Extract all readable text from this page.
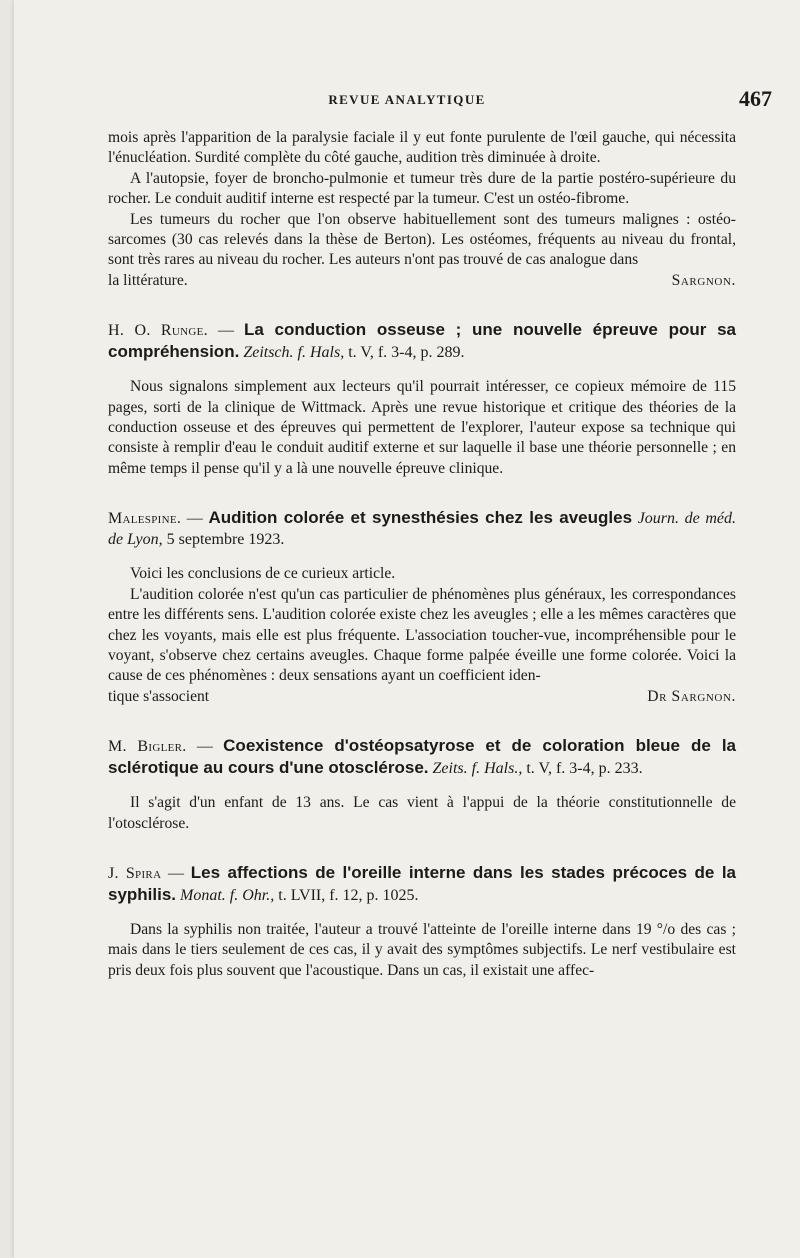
REVUE ANALYTIQUE	467

mois après l'apparition de la paralysie faciale il y eut fonte purulente de l'œil gauche, qui nécessita l'énucléation. Surdité complète du côté gauche, audition très diminuée à droite.

A l'autopsie, foyer de broncho-pulmonie et tumeur très dure de la partie postéro-supérieure du rocher. Le conduit auditif interne est respecté par la tumeur. C'est un ostéo-fibrome.

Les tumeurs du rocher que l'on observe habituellement sont des tumeurs malignes : ostéo-sarcomes (30 cas relevés dans la thèse de Berton). Les ostéomes, fréquents au niveau du frontal, sont très rares au niveau du rocher. Les auteurs n'ont pas trouvé de cas analogue dans

la littérature.	Sargnon.
H. O. Runge. — La conduction osseuse ; une nouvelle épreuve pour sa compréhension. Zeitsch. f. Hals, t. V, f. 3-4, p. 289.

Nous signalons simplement aux lecteurs qu'il pourrait intéresser, ce copieux mémoire de 115 pages, sorti de la clinique de Wittmack. Après une revue historique et critique des théories de la conduction osseuse et des épreuves qui permettent de l'explorer, l'auteur expose sa technique qui consiste à remplir d'eau le conduit auditif externe et sur laquelle il base une théorie personnelle ; en même temps il pense qu'il y a là une nouvelle épreuve clinique.

Malespine. — Audition colorée et synesthésies chez les aveugles Journ. de méd. de Lyon, 5 septembre 1923.

Voici les conclusions de ce curieux article.

L'audition colorée n'est qu'un cas particulier de phénomènes plus généraux, les correspondances entre les différents sens. L'audition colorée existe chez les aveugles ; elle a les mêmes caractères que chez les voyants, mais elle est plus fréquente. L'association toucher-vue, incompréhensible pour le voyant, s'observe chez certains aveugles. Chaque forme palpée éveille une forme colorée. Voici la cause de ces phénomènes : deux sensations ayant un coefficient iden-

tique s'associent	Dr Sargnon.
M. Bigler. — Coexistence d'ostéopsatyrose et de coloration bleue de la sclérotique au cours d'une otosclérose. Zeits. f. Hals., t. V, f. 3-4, p. 233.

Il s'agit d'un enfant de 13 ans. Le cas vient à l'appui de la théorie constitutionnelle de l'otosclérose.

J. Spira — Les affections de l'oreille interne dans les stades précoces de la syphilis. Monat. f. Ohr., t. LVII, f. 12, p. 1025.

Dans la syphilis non traitée, l'auteur a trouvé l'atteinte de l'oreille interne dans 19 °/o des cas ; mais dans le tiers seulement de ces cas, il y avait des symptômes subjectifs. Le nerf vestibulaire est pris deux fois plus souvent que l'acoustique. Dans un cas, il existait une affec-
